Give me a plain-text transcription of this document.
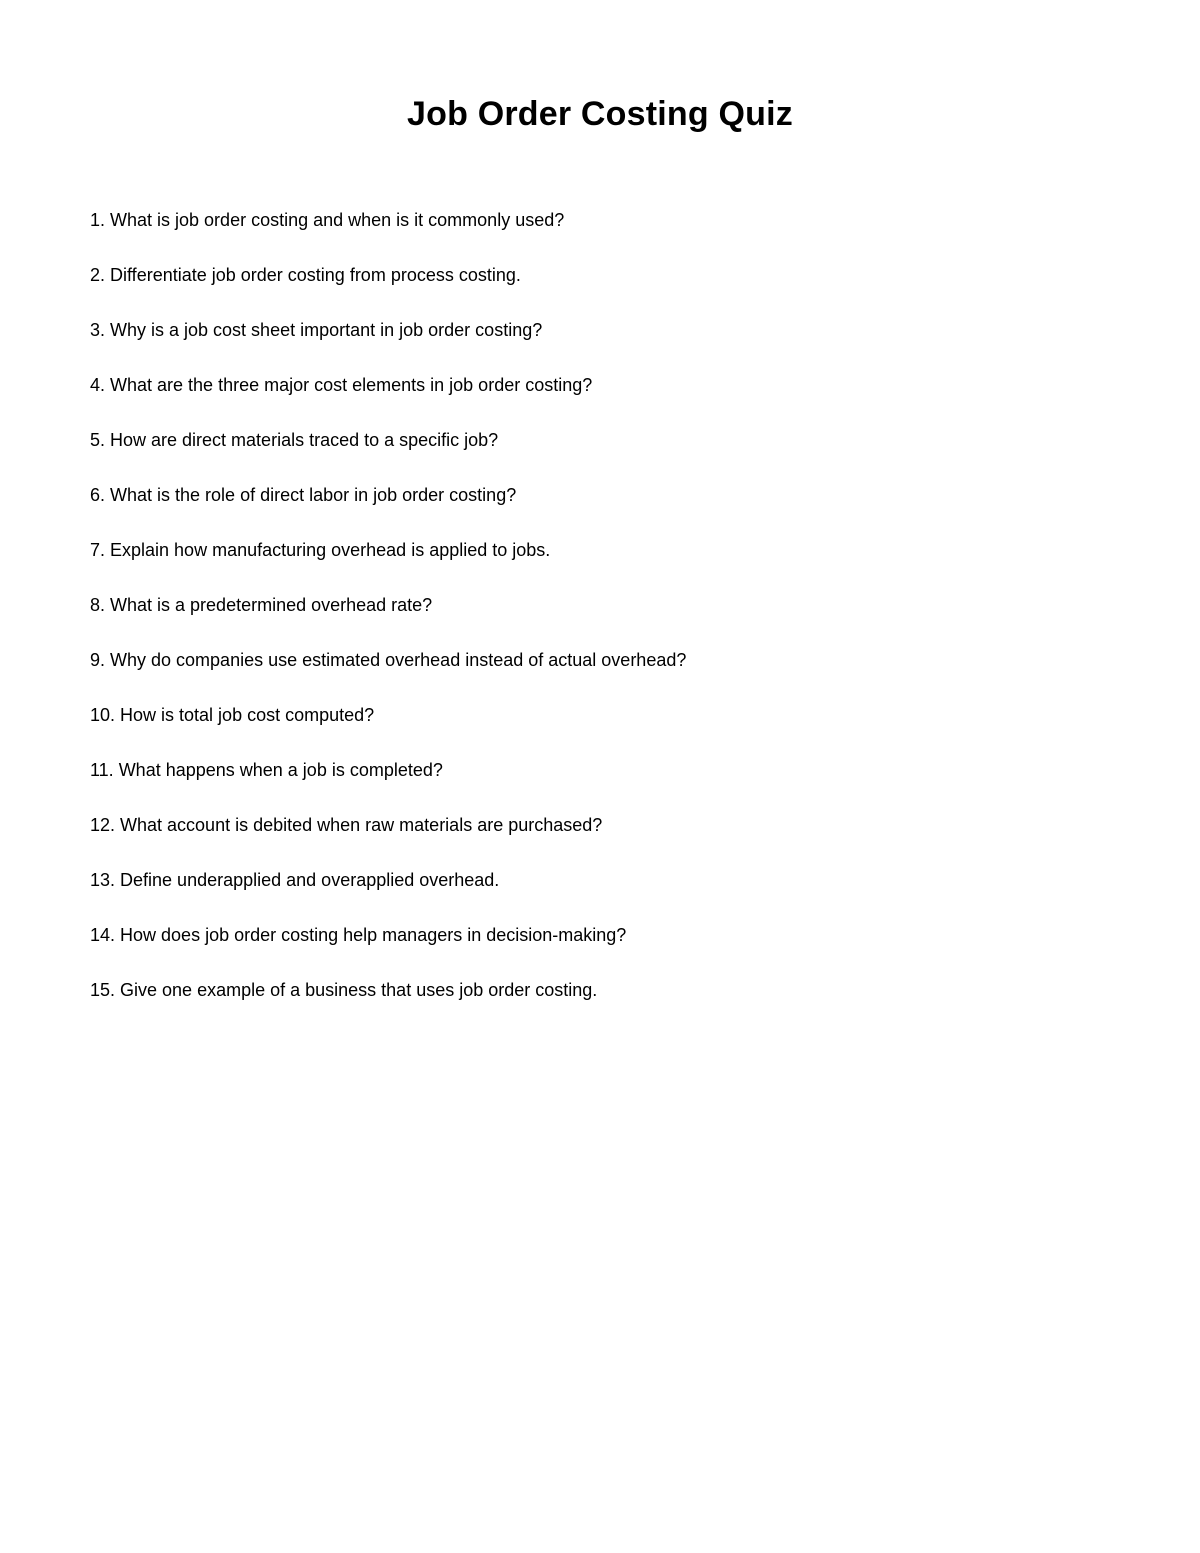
Job Order Costing Quiz
1. What is job order costing and when is it commonly used?
2. Differentiate job order costing from process costing.
3. Why is a job cost sheet important in job order costing?
4. What are the three major cost elements in job order costing?
5. How are direct materials traced to a specific job?
6. What is the role of direct labor in job order costing?
7. Explain how manufacturing overhead is applied to jobs.
8. What is a predetermined overhead rate?
9. Why do companies use estimated overhead instead of actual overhead?
10. How is total job cost computed?
11. What happens when a job is completed?
12. What account is debited when raw materials are purchased?
13. Define underapplied and overapplied overhead.
14. How does job order costing help managers in decision-making?
15. Give one example of a business that uses job order costing.
